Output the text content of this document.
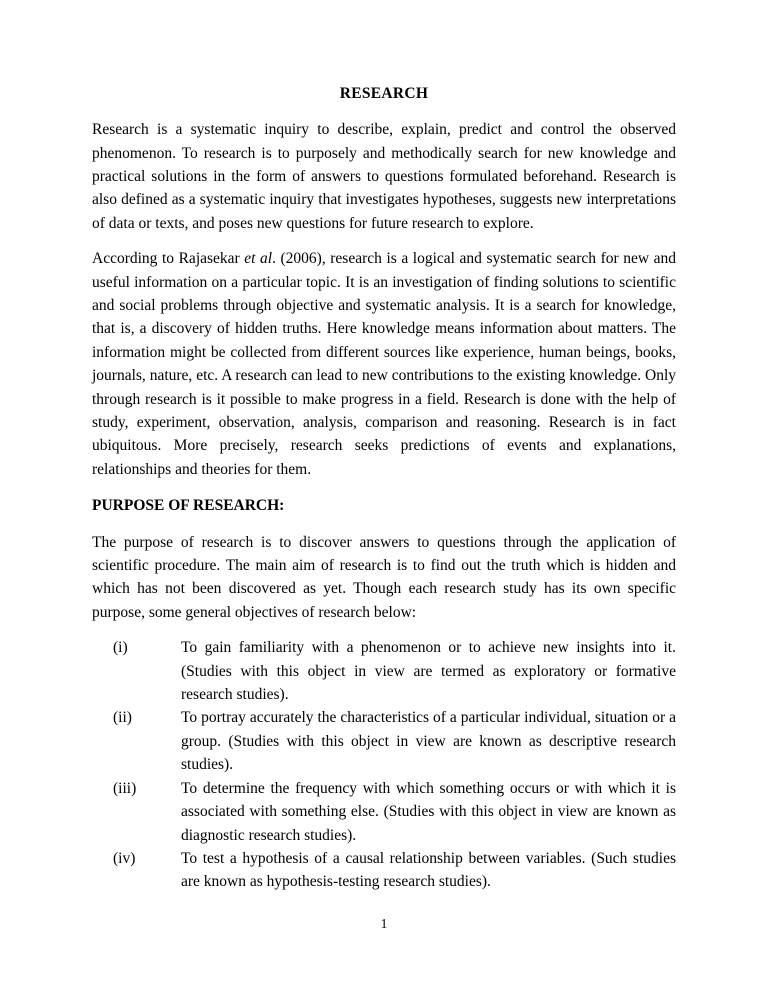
RESEARCH

Research is a systematic inquiry to describe, explain, predict and control the observed phenomenon. To research is to purposely and methodically search for new knowledge and practical solutions in the form of answers to questions formulated beforehand. Research is also defined as a systematic inquiry that investigates hypotheses, suggests new interpretations of data or texts, and poses new questions for future research to explore.

According to Rajasekar et al. (2006), research is a logical and systematic search for new and useful information on a particular topic. It is an investigation of finding solutions to scientific and social problems through objective and systematic analysis. It is a search for knowledge, that is, a discovery of hidden truths. Here knowledge means information about matters. The information might be collected from different sources like experience, human beings, books, journals, nature, etc. A research can lead to new contributions to the existing knowledge. Only through research is it possible to make progress in a field. Research is done with the help of study, experiment, observation, analysis, comparison and reasoning. Research is in fact ubiquitous. More precisely, research seeks predictions of events and explanations, relationships and theories for them.

PURPOSE OF RESEARCH:

The purpose of research is to discover answers to questions through the application of scientific procedure. The main aim of research is to find out the truth which is hidden and which has not been discovered as yet. Though each research study has its own specific purpose, some general objectives of research below:

(i)	To gain familiarity with a phenomenon or to achieve new insights into it. (Studies with this object in view are termed as exploratory or formative research studies).
(ii)	To portray accurately the characteristics of a particular individual, situation or a group. (Studies with this object in view are known as descriptive research studies).
(iii)	To determine the frequency with which something occurs or with which it is associated with something else. (Studies with this object in view are known as diagnostic research studies).
(iv)	To test a hypothesis of a causal relationship between variables. (Such studies are known as hypothesis-testing research studies).
1
